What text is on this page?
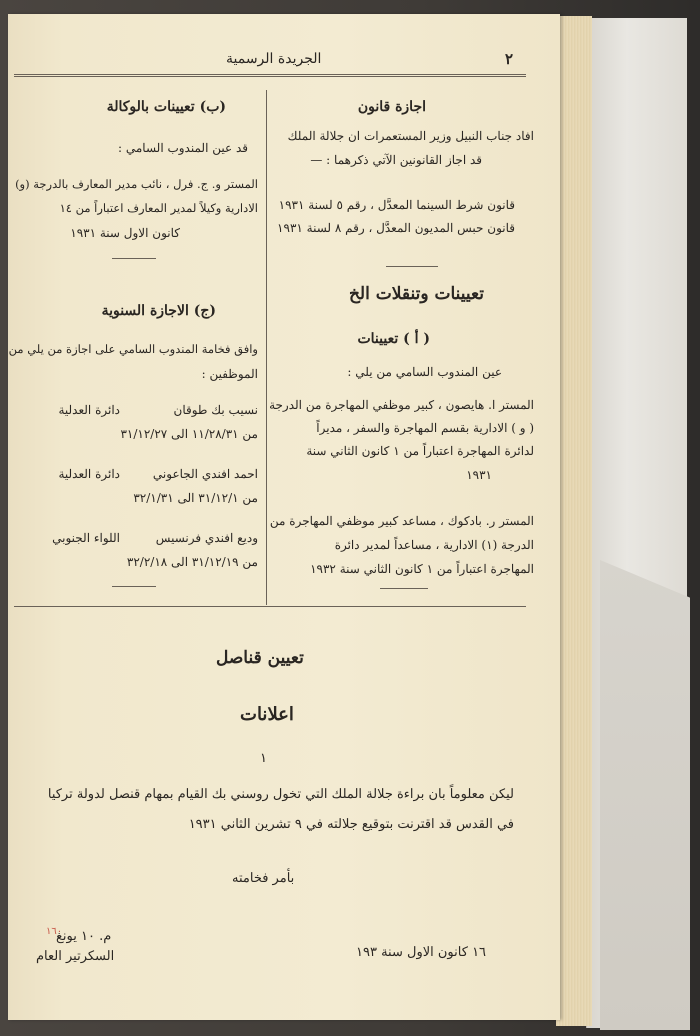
٢
الجريدة الرسمية
اجازة قانون
افاد جناب النبيل وزير المستعمرات ان جلالة الملك
قد اجاز القانونين الآتي ذكرهما : —
قانون شرط السينما المعدَّل ، رقم ٥ لسنة ١٩٣١
قانون حبس المديون المعدَّل ، رقم ٨ لسنة ١٩٣١
تعيينات وتنقلات الخ
( أ ) تعيينات
عين المندوب السامي من يلي :
المستر ا. هايصون ، كبير موظفي المهاجرة من الدرجة
( و ) الادارية بقسم المهاجرة والسفر ، مديراً
لدائرة المهاجرة اعتباراً من ١ كانون الثاني سنة
١٩٣١
المستر ر. بادكوك ، مساعد كبير موظفي المهاجرة من
الدرجة (١) الادارية ، مساعداً لمدير دائرة
المهاجرة اعتباراً من ١ كانون الثاني سنة ١٩٣٢
(ب) تعيينات بالوكالة
قد عين المندوب السامي :
المستر و. ج. فرل ، نائب مدير المعارف بالدرجة (و)
الادارية وكيلاً لمدير المعارف اعتباراً من ١٤
كانون الاول سنة ١٩٣١
(ج) الاجازة السنوية
وافق فخامة المندوب السامي على اجازة من يلي من
الموظفين :
نسيب بك طوقان
دائرة العدلية
من ١١/٢٨/٣١ الى ٣١/١٢/٢٧
احمد افندي الجاعوني
دائرة العدلية
من ٣١/١٢/١ الى ٣٢/١/٣١
وديع افندي فرنسيس
اللواء الجنوبي
من ٣١/١٢/١٩ الى ٣٢/٢/١٨
تعيين قناصل
اعلانات
١
ليكن معلوماً بان براءة جلالة الملك التي تخول روسني بك القيام بمهام قنصل لدولة تركيا
في القدس قد اقترنت بتوقيع جلالته في ٩ تشرين الثاني ١٩٣١
بأمر فخامته
١٦ كانون الاول سنة ١٩٣
م. ١٠ يونغ
السكرتير العام
١٦٠
